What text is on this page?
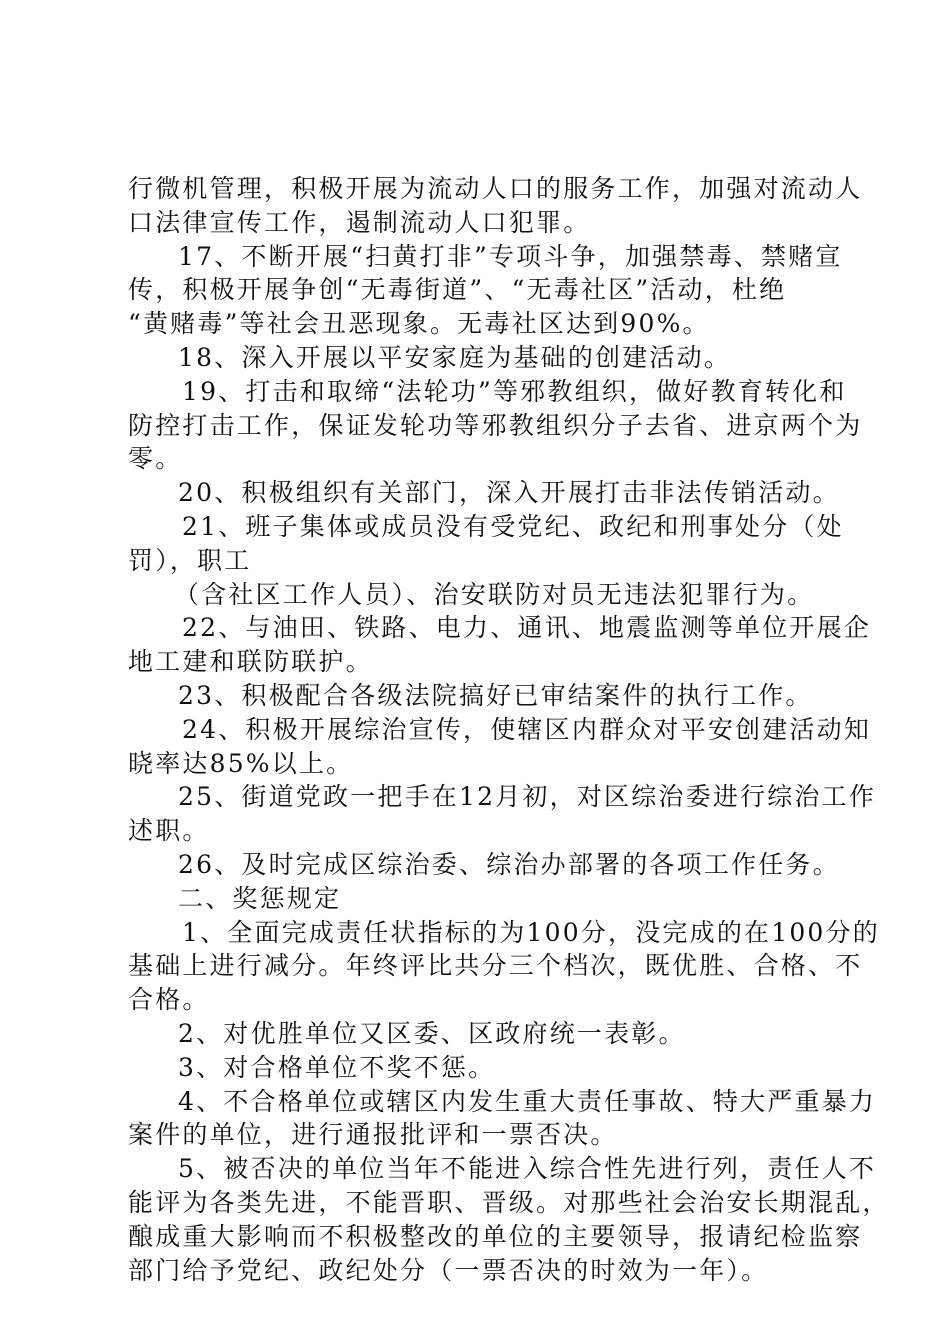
行微机管理，积极开展为流动人口的服务工作，加强对流动人
口法律宣传工作，遏制流动人口犯罪。
17、不断开展“扫黄打非”专项斗争，加强禁毒、禁赌宣
传，积极开展争创“无毒街道”、“无毒社区”活动，杜绝
“黄赌毒”等社会丑恶现象。无毒社区达到90%。
18、深入开展以平安家庭为基础的创建活动。
19、打击和取缔“法轮功”等邪教组织，做好教育转化和
防控打击工作，保证发轮功等邪教组织分子去省、进京两个为
零。
20、积极组织有关部门，深入开展打击非法传销活动。
21、班子集体或成员没有受党纪、政纪和刑事处分（处
罚），职工
（含社区工作人员）、治安联防对员无违法犯罪行为。
22、与油田、铁路、电力、通讯、地震监测等单位开展企
地工建和联防联护。
23、积极配合各级法院搞好已审结案件的执行工作。
24、积极开展综治宣传，使辖区内群众对平安创建活动知
晓率达85%以上。
25、街道党政一把手在12月初，对区综治委进行综治工作
述职。
26、及时完成区综治委、综治办部署的各项工作任务。
二、奖惩规定
1、全面完成责任状指标的为100分，没完成的在100分的
基础上进行减分。年终评比共分三个档次，既优胜、合格、不
合格。
2、对优胜单位又区委、区政府统一表彰。
3、对合格单位不奖不惩。
4、不合格单位或辖区内发生重大责任事故、特大严重暴力
案件的单位，进行通报批评和一票否决。
5、被否决的单位当年不能进入综合性先进行列，责任人不
能评为各类先进，不能晋职、晋级。对那些社会治安长期混乱，
酿成重大影响而不积极整改的单位的主要领导，报请纪检监察
部门给予党纪、政纪处分（一票否决的时效为一年）。
